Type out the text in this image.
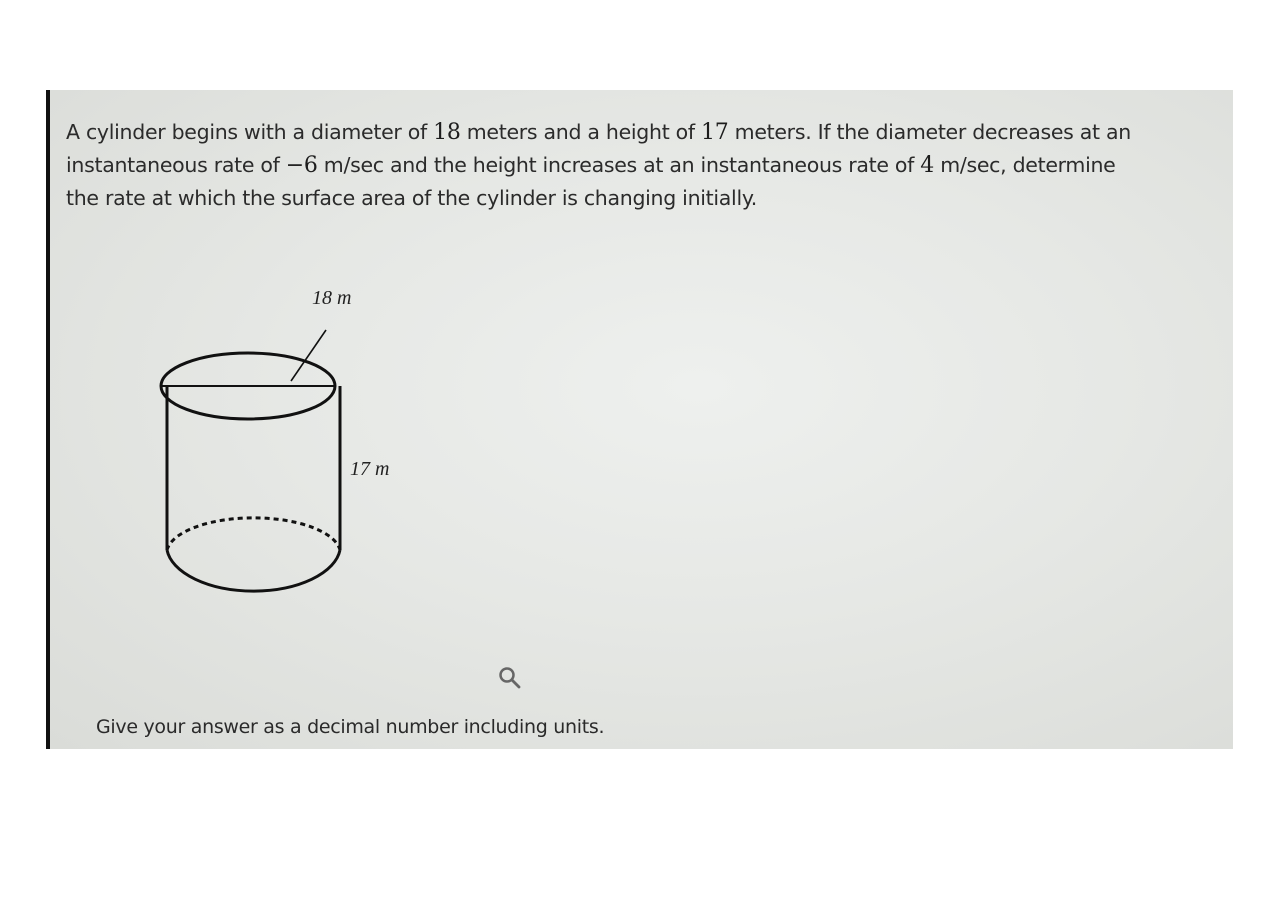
A cylinder begins with a diameter of 18 meters and a height of 17 meters. If the diameter decreases at an instantaneous rate of −6 m/sec and the height increases at an instantaneous rate of 4 m/sec, determine the rate at which the surface area of the cylinder is changing initially.

18 m
17 m
Give your answer as a decimal number including units.
